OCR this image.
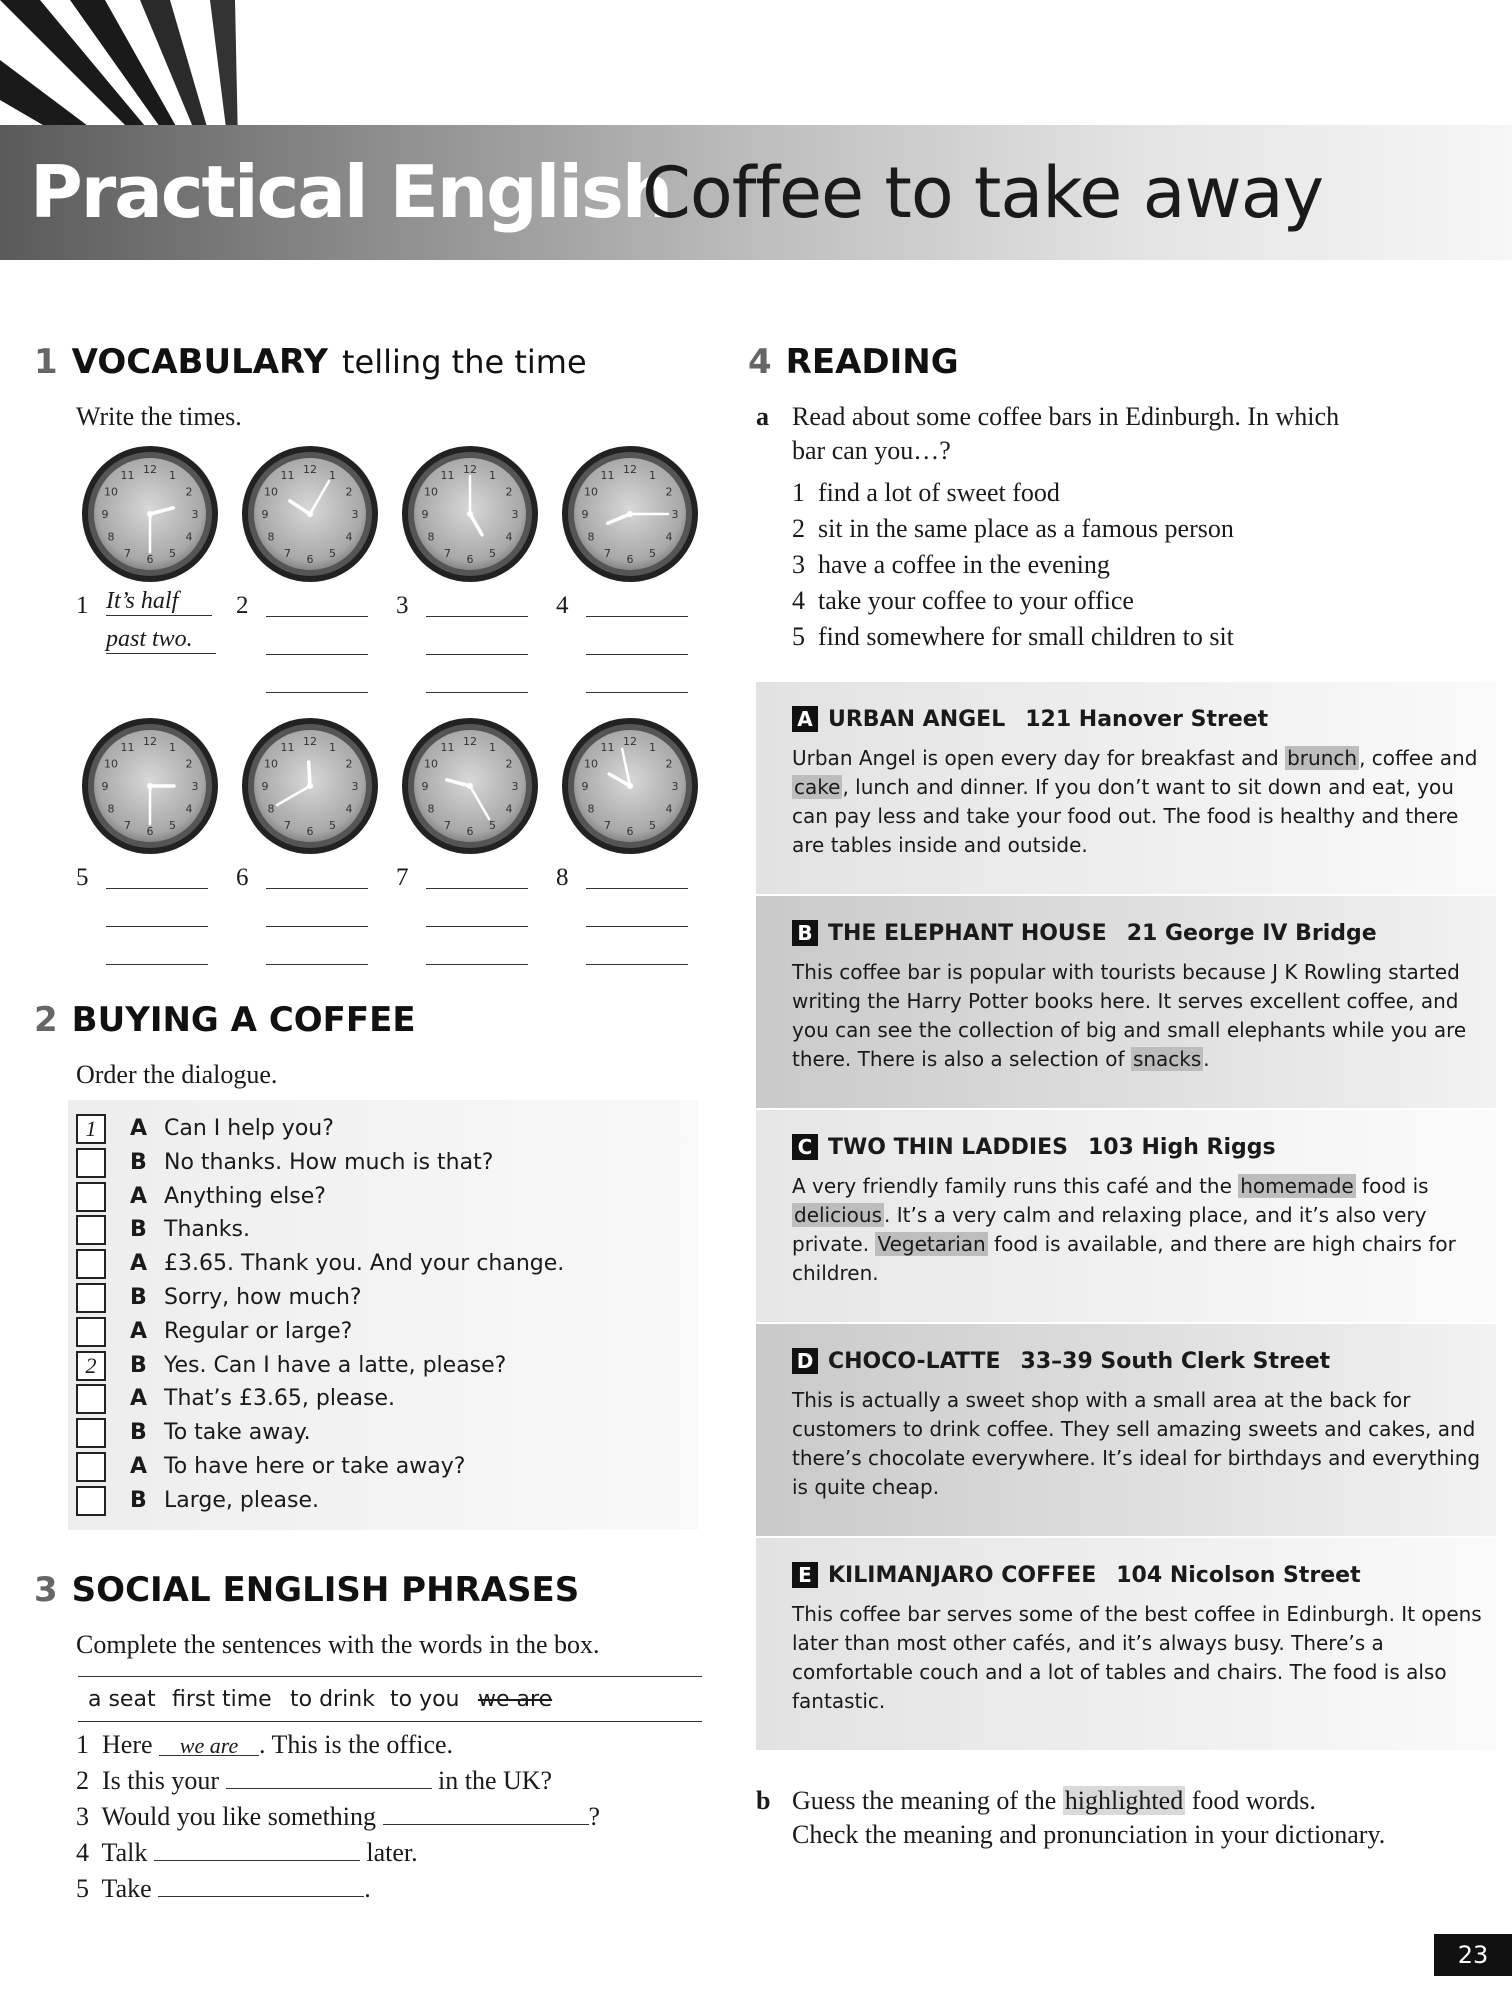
Practical English
Coffee to take away
1 VOCABULARY telling the time
Write the times.
1
2
3
4
5
6
7
8
9
10
11 12
1
1
2
3
4
5
6
7
8
9
10
11 12
2
1
2
3
4
5
6
7
8
9
10
11 12
3
1
2
3
4
5
6
7
8
9
10
11 12
4
1
2
3
4
5
6
7
8
9
10
11 12
5
1
2
3
4
5
6
7
8
9
10
11 12
6
1
2
3
4
5
6
7
8
9
10
11 12
7
1
2
3
4
5
6
7
8
9
10
11 12
8
It’s half
past two.
2 BUYING A COFFEE
Order the dialogue.
1	A Can I help you?
B No thanks. How much is that?
A Anything else?
B Thanks.
A £3.65. Thank you. And your change.
B Sorry, how much?
A Regular or large?
2	B Yes. Can I have a latte, please?
A That’s £3.65, please.
B To take away.
A To have here or take away?
B Large, please.
3 SOCIAL ENGLISH PHRASES
Complete the sentences with the words in the box.
a seat first time to drink to you we are
1 Here we are . This is the office.
2 Is this your	in the UK?
3 Would you like something	?
4 Talk	later.
5 Take	.
4 READING
a Read about some coffee bars in Edinburgh. In which
bar can you…?
1 find a lot of sweet food
2 sit in the same place as a famous person
3 have a coffee in the evening
4 take your coffee to your office
5 find somewhere for small children to sit
A URBAN ANGEL 121 Hanover Street
Urban Angel is open every day for breakfast and brunch , coffee and cake , lunch and dinner. If you don’t want to sit down and eat, you can pay less and take your food out. The food is healthy and there are tables inside and outside.
B THE ELEPHANT HOUSE 21 George IV Bridge
This coffee bar is popular with tourists because J K Rowling started writing the Harry Potter books here. It serves excellent coffee, and you can see the collection of big and small elephants while you are there. There is also a selection of snacks .
C TWO THIN LADDIES 103 High Riggs
A very friendly family runs this café and the homemade food is delicious . It’s a very calm and relaxing place, and it’s also very private. Vegetarian food is available, and there are high chairs for children.
D CHOCO-LATTE 33–39 South Clerk Street
This is actually a sweet shop with a small area at the back for customers to drink coffee. They sell amazing sweets and cakes, and there’s chocolate everywhere. It’s ideal for birthdays and everything is quite cheap.
E KILIMANJARO COFFEE 104 Nicolson Street
This coffee bar serves some of the best coffee in Edinburgh. It opens later than most other cafés, and it’s always busy. There’s a comfortable couch and a lot of tables and chairs. The food is also fantastic.
b Guess the meaning of the highlighted food words.
Check the meaning and pronunciation in your dictionary.
23
